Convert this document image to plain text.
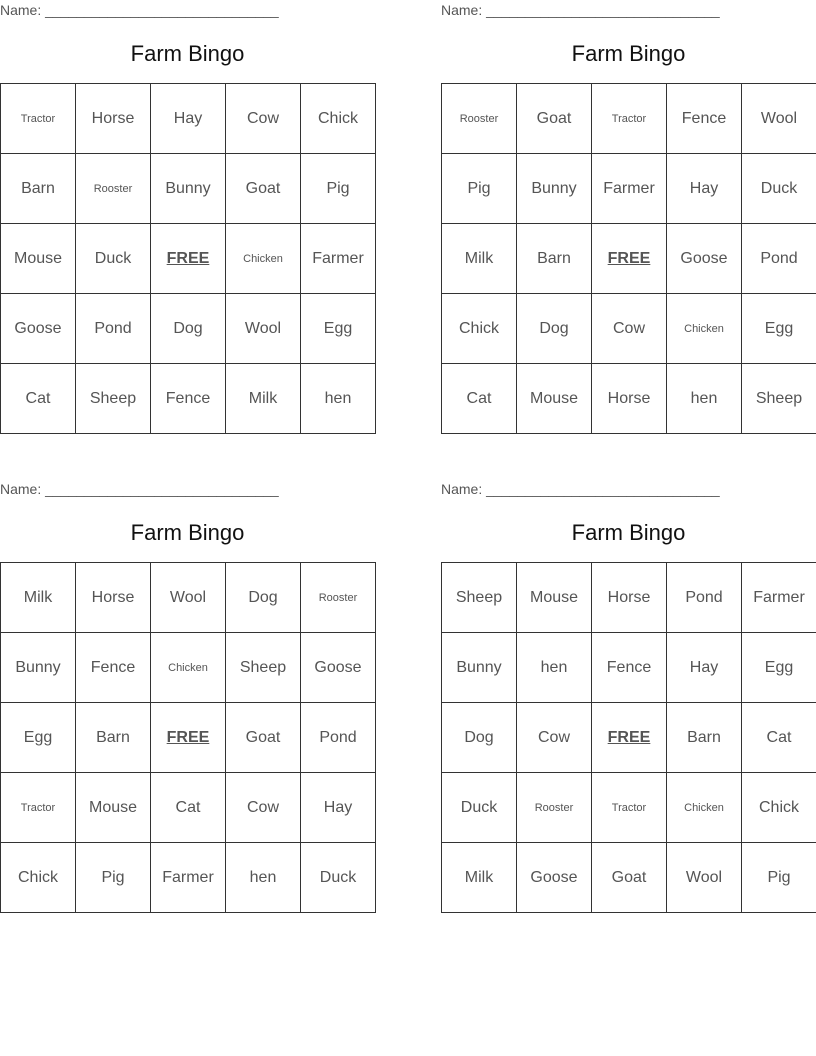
Name: ______________________________
Farm Bingo
Tractor	Horse	Hay	Cow	Chick
Barn	Rooster	Bunny	Goat	Pig
Mouse	Duck	FREE	Chicken	Farmer
Goose	Pond	Dog	Wool	Egg
Cat	Sheep	Fence	Milk	hen
Name: ______________________________
Farm Bingo
Rooster	Goat	Tractor	Fence	Wool
Pig	Bunny	Farmer	Hay	Duck
Milk	Barn	FREE	Goose	Pond
Chick	Dog	Cow	Chicken	Egg
Cat	Mouse	Horse	hen	Sheep
Name: ______________________________
Farm Bingo
Milk	Horse	Wool	Dog	Rooster
Bunny	Fence	Chicken	Sheep	Goose
Egg	Barn	FREE	Goat	Pond
Tractor	Mouse	Cat	Cow	Hay
Chick	Pig	Farmer	hen	Duck
Name: ______________________________
Farm Bingo
Sheep	Mouse	Horse	Pond	Farmer
Bunny	hen	Fence	Hay	Egg
Dog	Cow	FREE	Barn	Cat
Duck	Rooster	Tractor	Chicken	Chick
Milk	Goose	Goat	Wool	Pig
